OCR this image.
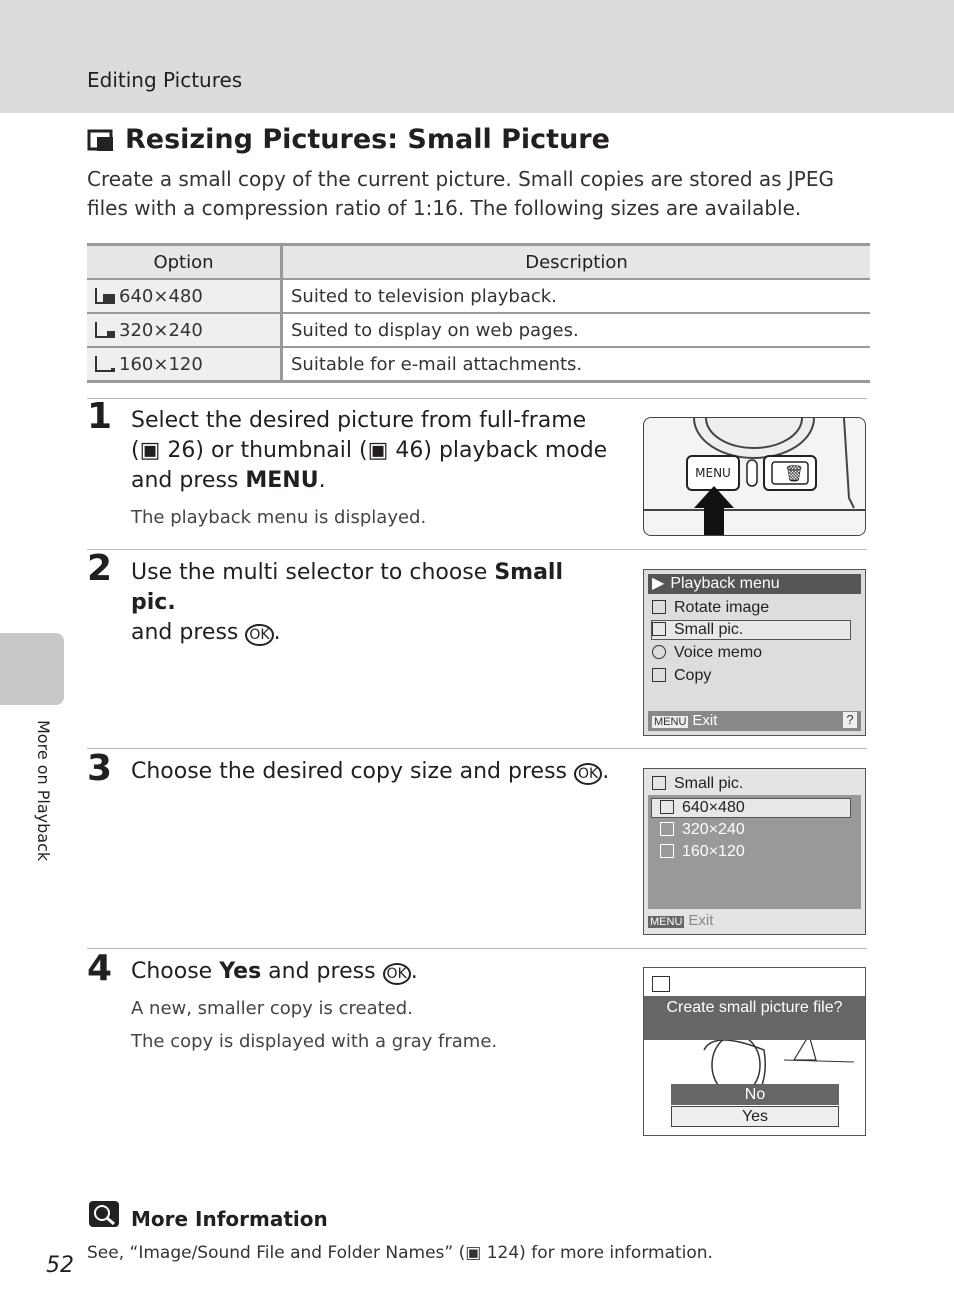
Editing Pictures
More on Playback
Resizing Pictures: Small Picture
Create a small copy of the current picture. Small copies are stored as JPEG files with a compression ratio of 1:16. The following sizes are available.
Option	Description
640×480	Suited to television playback.
320×240	Suited to display on web pages.
160×120	Suitable for e-mail attachments.
1 Select the desired picture from full-frame
(▣ 26) or thumbnail (▣ 46) playback mode
and press MENU.
The playback menu is displayed.
MENU	🗑
2 Use the multi selector to choose Small pic.
and press OK .
▶ Playback menu
Rotate image
Small pic.
Voice memo
Copy
MENU Exit	?
3 Choose the desired copy size and press OK .	Small pic.
640×480
320×240
160×120
MENU Exit
4 Choose Yes and press OK .
A new, smaller copy is created.
The copy is displayed with a gray frame.
Create small picture file?
No
Yes
More Information
See, “Image/Sound File and Folder Names” (▣ 124) for more information.
52
